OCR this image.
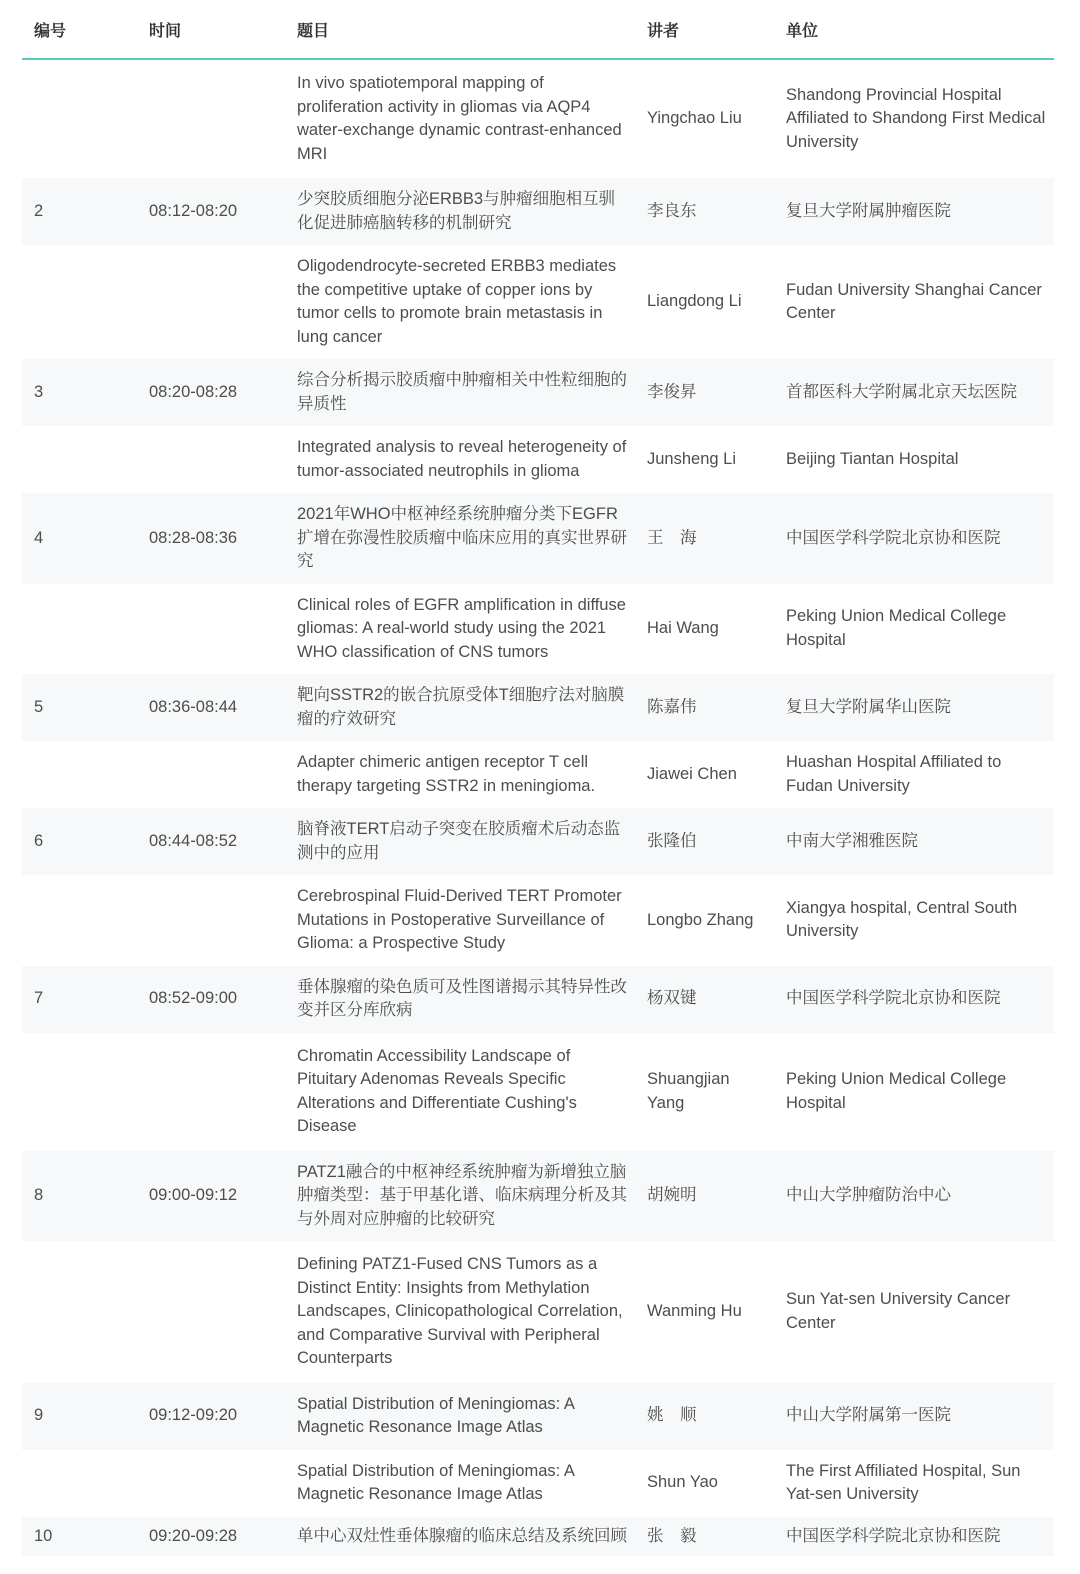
编号	时间	题目	讲者	单位
		In vivo spatiotemporal mapping of proliferation activity in gliomas via AQP4 water-exchange dynamic contrast-enhanced MRI	Yingchao Liu	Shandong Provincial Hospital Affiliated to Shandong First Medical University
2	08:12-08:20	少突胶质细胞分泌ERBB3与肿瘤细胞相互驯化促进肺癌脑转移的机制研究	李良东	复旦大学附属肿瘤医院
		Oligodendrocyte-secreted ERBB3 mediates the competitive uptake of copper ions by tumor cells to promote brain metastasis in lung cancer	Liangdong Li	Fudan University Shanghai Cancer Center
3	08:20-08:28	综合分析揭示胶质瘤中肿瘤相关中性粒细胞的异质性	李俊昇	首都医科大学附属北京天坛医院
		Integrated analysis to reveal heterogeneity of tumor-associated neutrophils in glioma	Junsheng Li	Beijing Tiantan Hospital
4	08:28-08:36	2021年WHO中枢神经系统肿瘤分类下EGFR扩增在弥漫性胶质瘤中临床应用的真实世界研究	王　海	中国医学科学院北京协和医院
		Clinical roles of EGFR amplification in diffuse gliomas: A real-world study using the 2021 WHO classification of CNS tumors	Hai Wang	Peking Union Medical College Hospital
5	08:36-08:44	靶向SSTR2的嵌合抗原受体T细胞疗法对脑膜瘤的疗效研究	陈嘉伟	复旦大学附属华山医院
		Adapter chimeric antigen receptor T cell therapy targeting SSTR2 in meningioma.	Jiawei Chen	Huashan Hospital Affiliated to Fudan University
6	08:44-08:52	脑脊液TERT启动子突变在胶质瘤术后动态监测中的应用	张隆伯	中南大学湘雅医院
		Cerebrospinal Fluid-Derived TERT Promoter Mutations in Postoperative Surveillance of Glioma: a Prospective Study	Longbo Zhang	Xiangya hospital, Central South University
7	08:52-09:00	垂体腺瘤的染色质可及性图谱揭示其特异性改变并区分库欣病	杨双键	中国医学科学院北京协和医院
		Chromatin Accessibility Landscape of Pituitary Adenomas Reveals Specific Alterations and Differentiate Cushing's Disease	Shuangjian Yang	Peking Union Medical College Hospital
8	09:00-09:12	PATZ1融合的中枢神经系统肿瘤为新增独立脑肿瘤类型：基于甲基化谱、临床病理分析及其与外周对应肿瘤的比较研究	胡婉明	中山大学肿瘤防治中心
		Defining PATZ1-Fused CNS Tumors as a Distinct Entity: Insights from Methylation Landscapes, Clinicopathological Correlation, and Comparative Survival with Peripheral Counterparts	Wanming Hu	Sun Yat-sen University Cancer Center
9	09:12-09:20	Spatial Distribution of Meningiomas: A Magnetic Resonance Image Atlas	姚　顺	中山大学附属第一医院
		Spatial Distribution of Meningiomas: A Magnetic Resonance Image Atlas	Shun Yao	The First Affiliated Hospital, Sun Yat-sen University
10	09:20-09:28	单中心双灶性垂体腺瘤的临床总结及系统回顾	张　毅	中国医学科学院北京协和医院
